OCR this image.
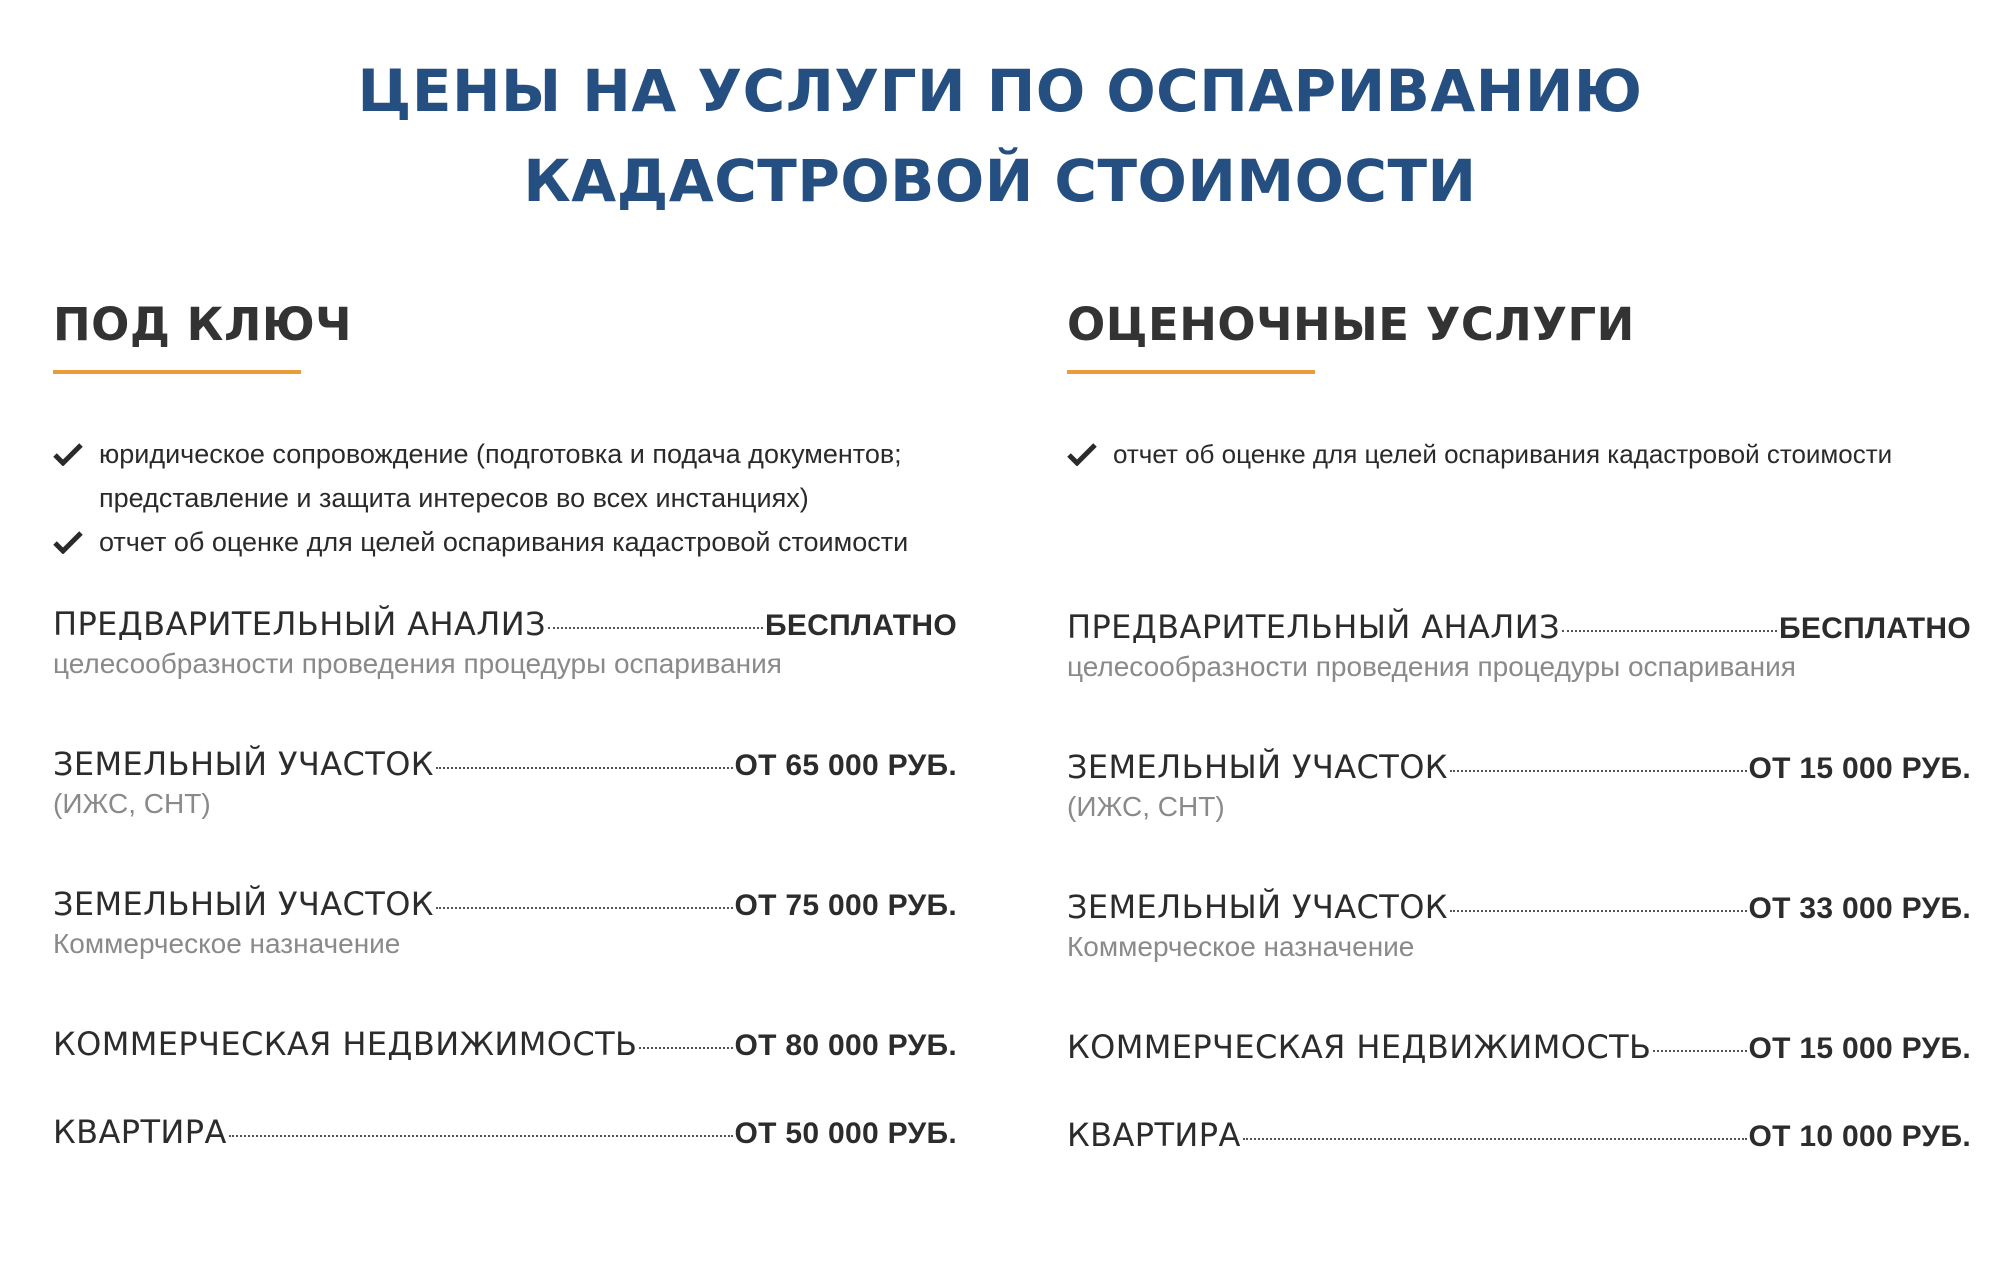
ЦЕНЫ НА УСЛУГИ ПО ОСПАРИВАНИЮ
КАДАСТРОВОЙ СТОИМОСТИ
ПОД КЛЮЧ
юридическое сопровождение (подготовка и подача документов; представление и защита интересов во всех инстанциях)
отчет об оценке для целей оспаривания кадастровой стоимости
ПРЕДВАРИТЕЛЬНЫЙ АНАЛИЗ	БЕСПЛАТНО
целесообразности проведения процедуры оспаривания
ЗЕМЕЛЬНЫЙ УЧАСТОК	ОТ 65 000 РУБ.
(ИЖС, СНТ)
ЗЕМЕЛЬНЫЙ УЧАСТОК	ОТ 75 000 РУБ.
Коммерческое назначение
КОММЕРЧЕСКАЯ НЕДВИЖИМОСТЬ	ОТ 80 000 РУБ.
КВАРТИРА	ОТ 50 000 РУБ.
ОЦЕНОЧНЫЕ УСЛУГИ
отчет об оценке для целей оспаривания кадастровой стоимости
ПРЕДВАРИТЕЛЬНЫЙ АНАЛИЗ	БЕСПЛАТНО
целесообразности проведения процедуры оспаривания
ЗЕМЕЛЬНЫЙ УЧАСТОК	ОТ 15 000 РУБ.
(ИЖС, СНТ)
ЗЕМЕЛЬНЫЙ УЧАСТОК	ОТ 33 000 РУБ.
Коммерческое назначение
КОММЕРЧЕСКАЯ НЕДВИЖИМОСТЬ	ОТ 15 000 РУБ.
КВАРТИРА	ОТ 10 000 РУБ.
